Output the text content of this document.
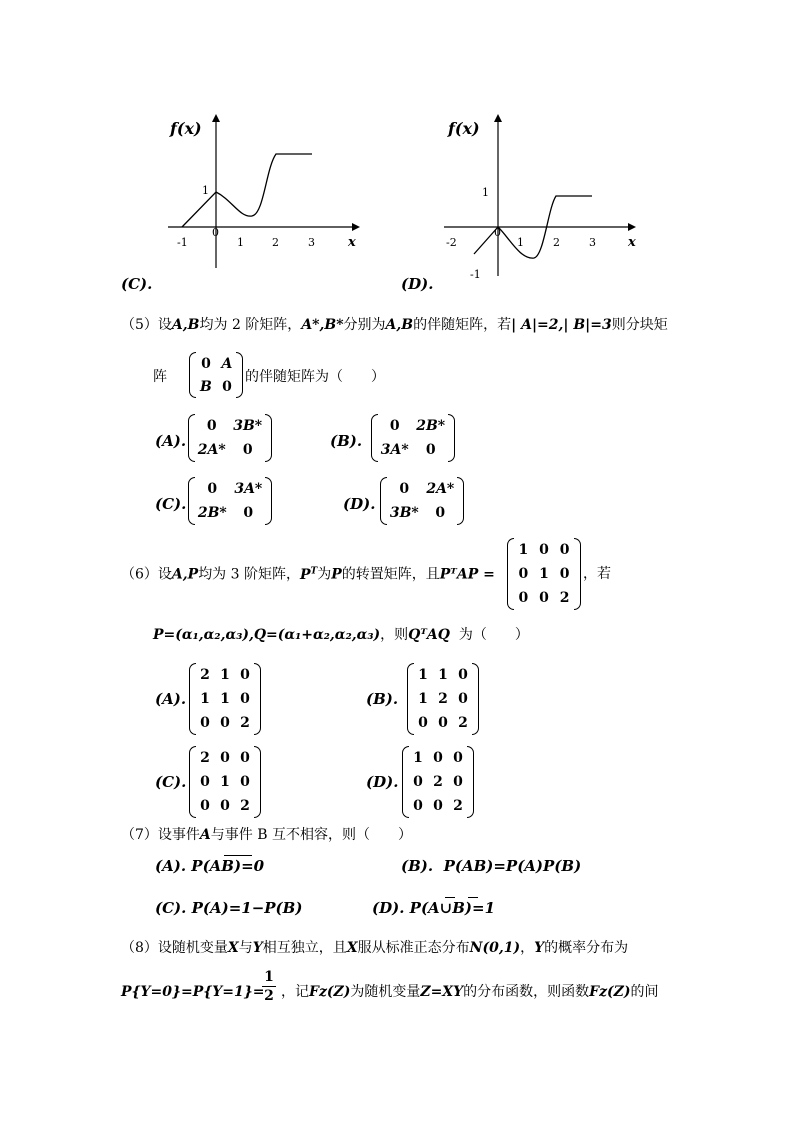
f(x)
1
-1
0
1	2	3	x
(C).
f(x)
1
-1
-2
0
1	2	3 x
(D).
（5）设A,B均为 2 阶矩阵，A*,B*分别为A,B的伴随矩阵，若| A|=2,| B|=3则分块矩
阵
0	A
B	0
的伴随矩阵为（　　）
(A).
0	3B*
2A*	0	(B).
0	2B*
3A*	0
(C).
0	3A*
2B*	0	(D).
0	2A*
3B*	0
（6）设A,P均为 3 阶矩阵，$P^T$为P的转置矩阵，且PᵀAP =
1	0	0
0	1	0
0	0	2
，若
P=(α₁,α₂,α₃),Q=(α₁+α₂,α₂,α₃)，则QᵀAQ 为（　　）
(A).
2	1	0
1	1	0
0	0	2
(B).
1	1	0
1	2	0
0	0	2
(C).
2	0	0
0	1	0
0	0	2
(D).
1	0	0
0	2	0
0	0	2
（7）设事件A与事件 B 互不相容，则（　　）
(A). P(AB)=0	(B). P(AB)=P(A)P(B)
(C). P(A)=1−P(B)	(D). P(A∪B)=1
（8）设随机变量X与Y相互独立，且X服从标准正态分布N(0,1)，Y的概率分布为
P{Y=0}=P{Y=1}=
1
2 ，记Fz(Z)为随机变量Z=XY的分布函数，则函数Fz(Z)的间
